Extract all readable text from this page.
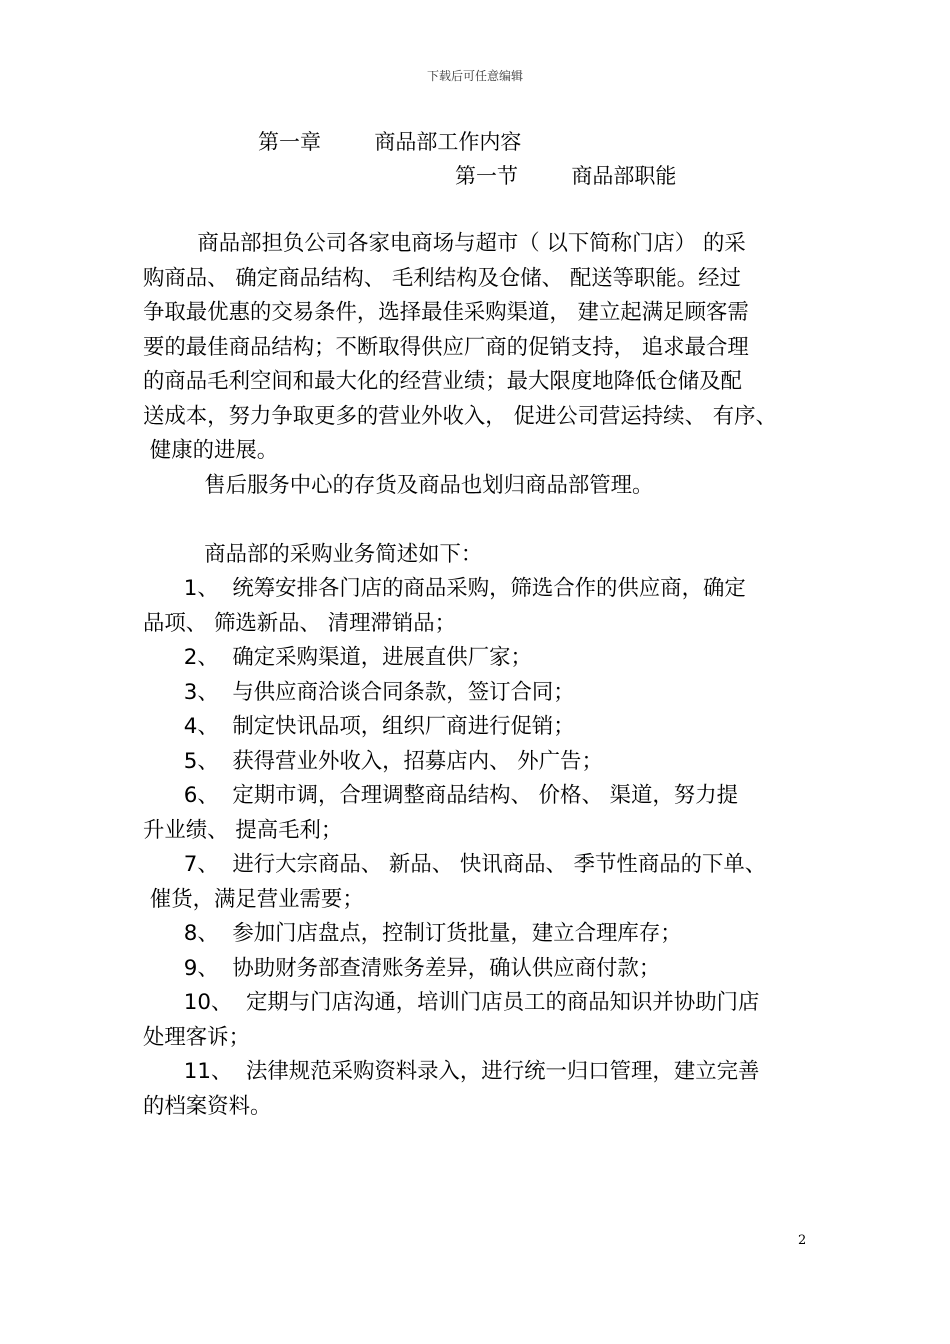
下载后可任意编辑
第一章        商品部工作内容
第一节        商品部职能
商品部担负公司各家电商场与超市（ 以下简称门店） 的采
购商品、 确定商品结构、 毛利结构及仓储、 配送等职能。经过
争取最优惠的交易条件，选择最佳采购渠道， 建立起满足顾客需
要的最佳商品结构；不断取得供应厂商的促销支持， 追求最合理
的商品毛利空间和最大化的经营业绩；最大限度地降低仓储及配
送成本，努力争取更多的营业外收入， 促进公司营运持续、 有序、
健康的进展。
售后服务中心的存货及商品也划归商品部管理。
商品部的采购业务简述如下：
1、  统筹安排各门店的商品采购，筛选合作的供应商，确定
品项、 筛选新品、 清理滞销品；
2、  确定采购渠道，进展直供厂家；
3、  与供应商洽谈合同条款，签订合同；
4、  制定快讯品项，组织厂商进行促销；
5、  获得营业外收入，招募店内、 外广告；
6、  定期市调，合理调整商品结构、 价格、 渠道，努力提
升业绩、 提高毛利；
7、  进行大宗商品、 新品、 快讯商品、 季节性商品的下单、
催货，满足营业需要；
8、  参加门店盘点，控制订货批量，建立合理库存；
9、  协助财务部查清账务差异，确认供应商付款；
10、  定期与门店沟通，培训门店员工的商品知识并协助门店
处理客诉；
11、  法律规范采购资料录入，进行统一归口管理，建立完善
的档案资料。
2
